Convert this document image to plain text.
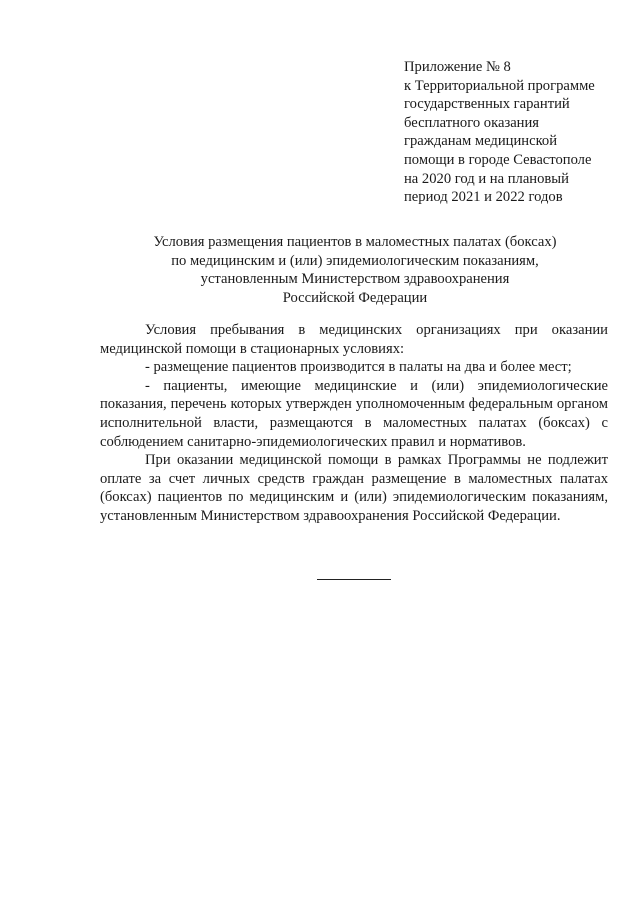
Приложение № 8
к Территориальной программе
государственных гарантий
бесплатного оказания
гражданам медицинской
помощи в городе Севастополе
на 2020 год и на плановый
период 2021 и 2022 годов
Условия размещения пациентов в маломестных палатах (боксах)
по медицинским и (или) эпидемиологическим показаниям,
установленным Министерством здравоохранения
Российской Федерации

Условия пребывания в медицинских организациях при оказании медицинской помощи в стационарных условиях:

- размещение пациентов производится в палаты на два и более мест;

- пациенты, имеющие медицинские и (или) эпидемиологические показания, перечень которых утвержден уполномоченным федеральным органом исполнительной власти, размещаются в маломестных палатах (боксах) с соблюдением санитарно-эпидемиологических правил и нормативов.

При оказании медицинской помощи в рамках Программы не подлежит оплате за счет личных средств граждан размещение в маломестных палатах (боксах) пациентов по медицинским и (или) эпидемиологическим показаниям, установленным Министерством здравоохранения Российской Федерации.
